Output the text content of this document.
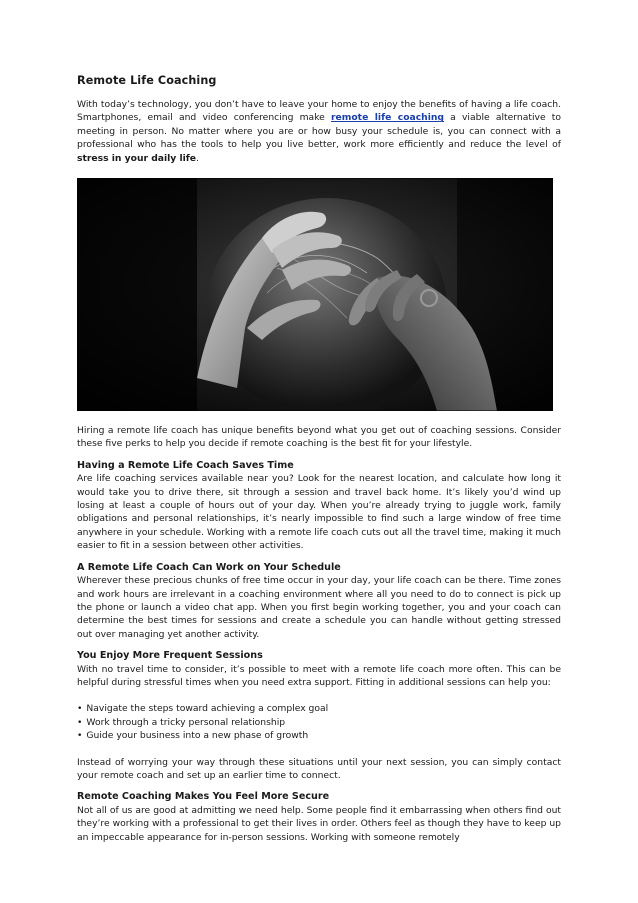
Remote Life Coaching

With today’s technology, you don’t have to leave your home to enjoy the benefits of having a life coach. Smartphones, email and video conferencing make remote life coaching a viable alternative to meeting in person. No matter where you are or how busy your schedule is, you can connect with a professional who has the tools to help you live better, work more efficiently and reduce the level of stress in your daily life.

Hiring a remote life coach has unique benefits beyond what you get out of coaching sessions. Consider these five perks to help you decide if remote coaching is the best fit for your lifestyle.

Having a Remote Life Coach Saves Time

Are life coaching services available near you? Look for the nearest location, and calculate how long it would take you to drive there, sit through a session and travel back home. It’s likely you’d wind up losing at least a couple of hours out of your day. When you’re already trying to juggle work, family obligations and personal relationships, it’s nearly impossible to find such a large window of free time anywhere in your schedule. Working with a remote life coach cuts out all the travel time, making it much easier to fit in a session between other activities.

A Remote Life Coach Can Work on Your Schedule

Wherever these precious chunks of free time occur in your day, your life coach can be there. Time zones and work hours are irrelevant in a coaching environment where all you need to do to connect is pick up the phone or launch a video chat app. When you first begin working together, you and your coach can determine the best times for sessions and create a schedule you can handle without getting stressed out over managing yet another activity.

You Enjoy More Frequent Sessions

With no travel time to consider, it’s possible to meet with a remote life coach more often. This can be helpful during stressful times when you need extra support. Fitting in additional sessions can help you:

• Navigate the steps toward achieving a complex goal
• Work through a tricky personal relationship
• Guide your business into a new phase of growth

Instead of worrying your way through these situations until your next session, you can simply contact your remote coach and set up an earlier time to connect.

Remote Coaching Makes You Feel More Secure

Not all of us are good at admitting we need help. Some people find it embarrassing when others find out they’re working with a professional to get their lives in order. Others feel as though they have to keep up an impeccable appearance for in-person sessions. Working with someone remotely
